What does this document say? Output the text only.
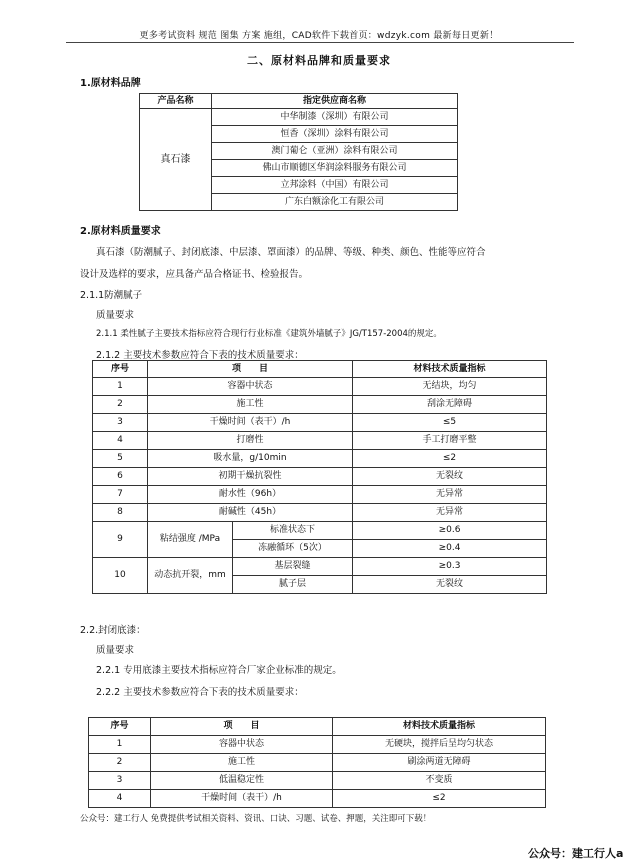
更多考试资料 规范 图集 方案 施组，CAD软件下载首页：wdzyk.com 最新每日更新！
二、原材料品牌和质量要求
1.原材料品牌
产品名称	指定供应商名称
真石漆	中华制漆（深圳）有限公司
	恒香（深圳）涂料有限公司
	澳门葡仑（亚洲）涂料有限公司
	佛山市顺德区华润涂料服务有限公司
	立邦涂料（中国）有限公司
	广东白额涂化工有限公司
2.原材料质量要求
真石漆（防潮腻子、封闭底漆、中层漆、罩面漆）的品牌、等级、种类、颜色、性能等应符合
设计及选样的要求，应具备产品合格证书、检验报告。
2.1.1防潮腻子
质量要求
2.1.1 柔性腻子主要技术指标应符合现行行业标准《建筑外墙腻子》JG/T157-2004的规定。
2.1.2 主要技术参数应符合下表的技术质量要求：
序号	项　　目		材料技术质量指标
1	容器中状态		无结块，均匀
2	施工性		刮涂无障碍
3	干燥时间（表干）/h		≤5
4	打磨性		手工打磨平整
5	吸水量，g/10min		≤2
6	初期干燥抗裂性		无裂纹
7	耐水性（96h）		无异常
8	耐碱性（45h）		无异常
9	粘结强度 /MPa	标准状态下	≥0.6
		冻融循环（5次）	≥0.4
10	动态抗开裂，mm	基层裂缝	≥0.3
		腻子层	无裂纹
2.2.封闭底漆：
质量要求
2.2.1 专用底漆主要技术指标应符合厂家企业标准的规定。
2.2.2 主要技术参数应符合下表的技术质量要求：
序号	项　　目	材料技术质量指标
1	容器中状态	无硬块，搅拌后呈均匀状态
2	施工性	刷涂两道无障碍
3	低温稳定性	不变质
4	干燥时间（表干）/h	≤2
公众号：建工行人 免费提供考试相关资料、资讯、口诀、习题、试卷、押题，关注即可下载！
公众号：建工行人a
